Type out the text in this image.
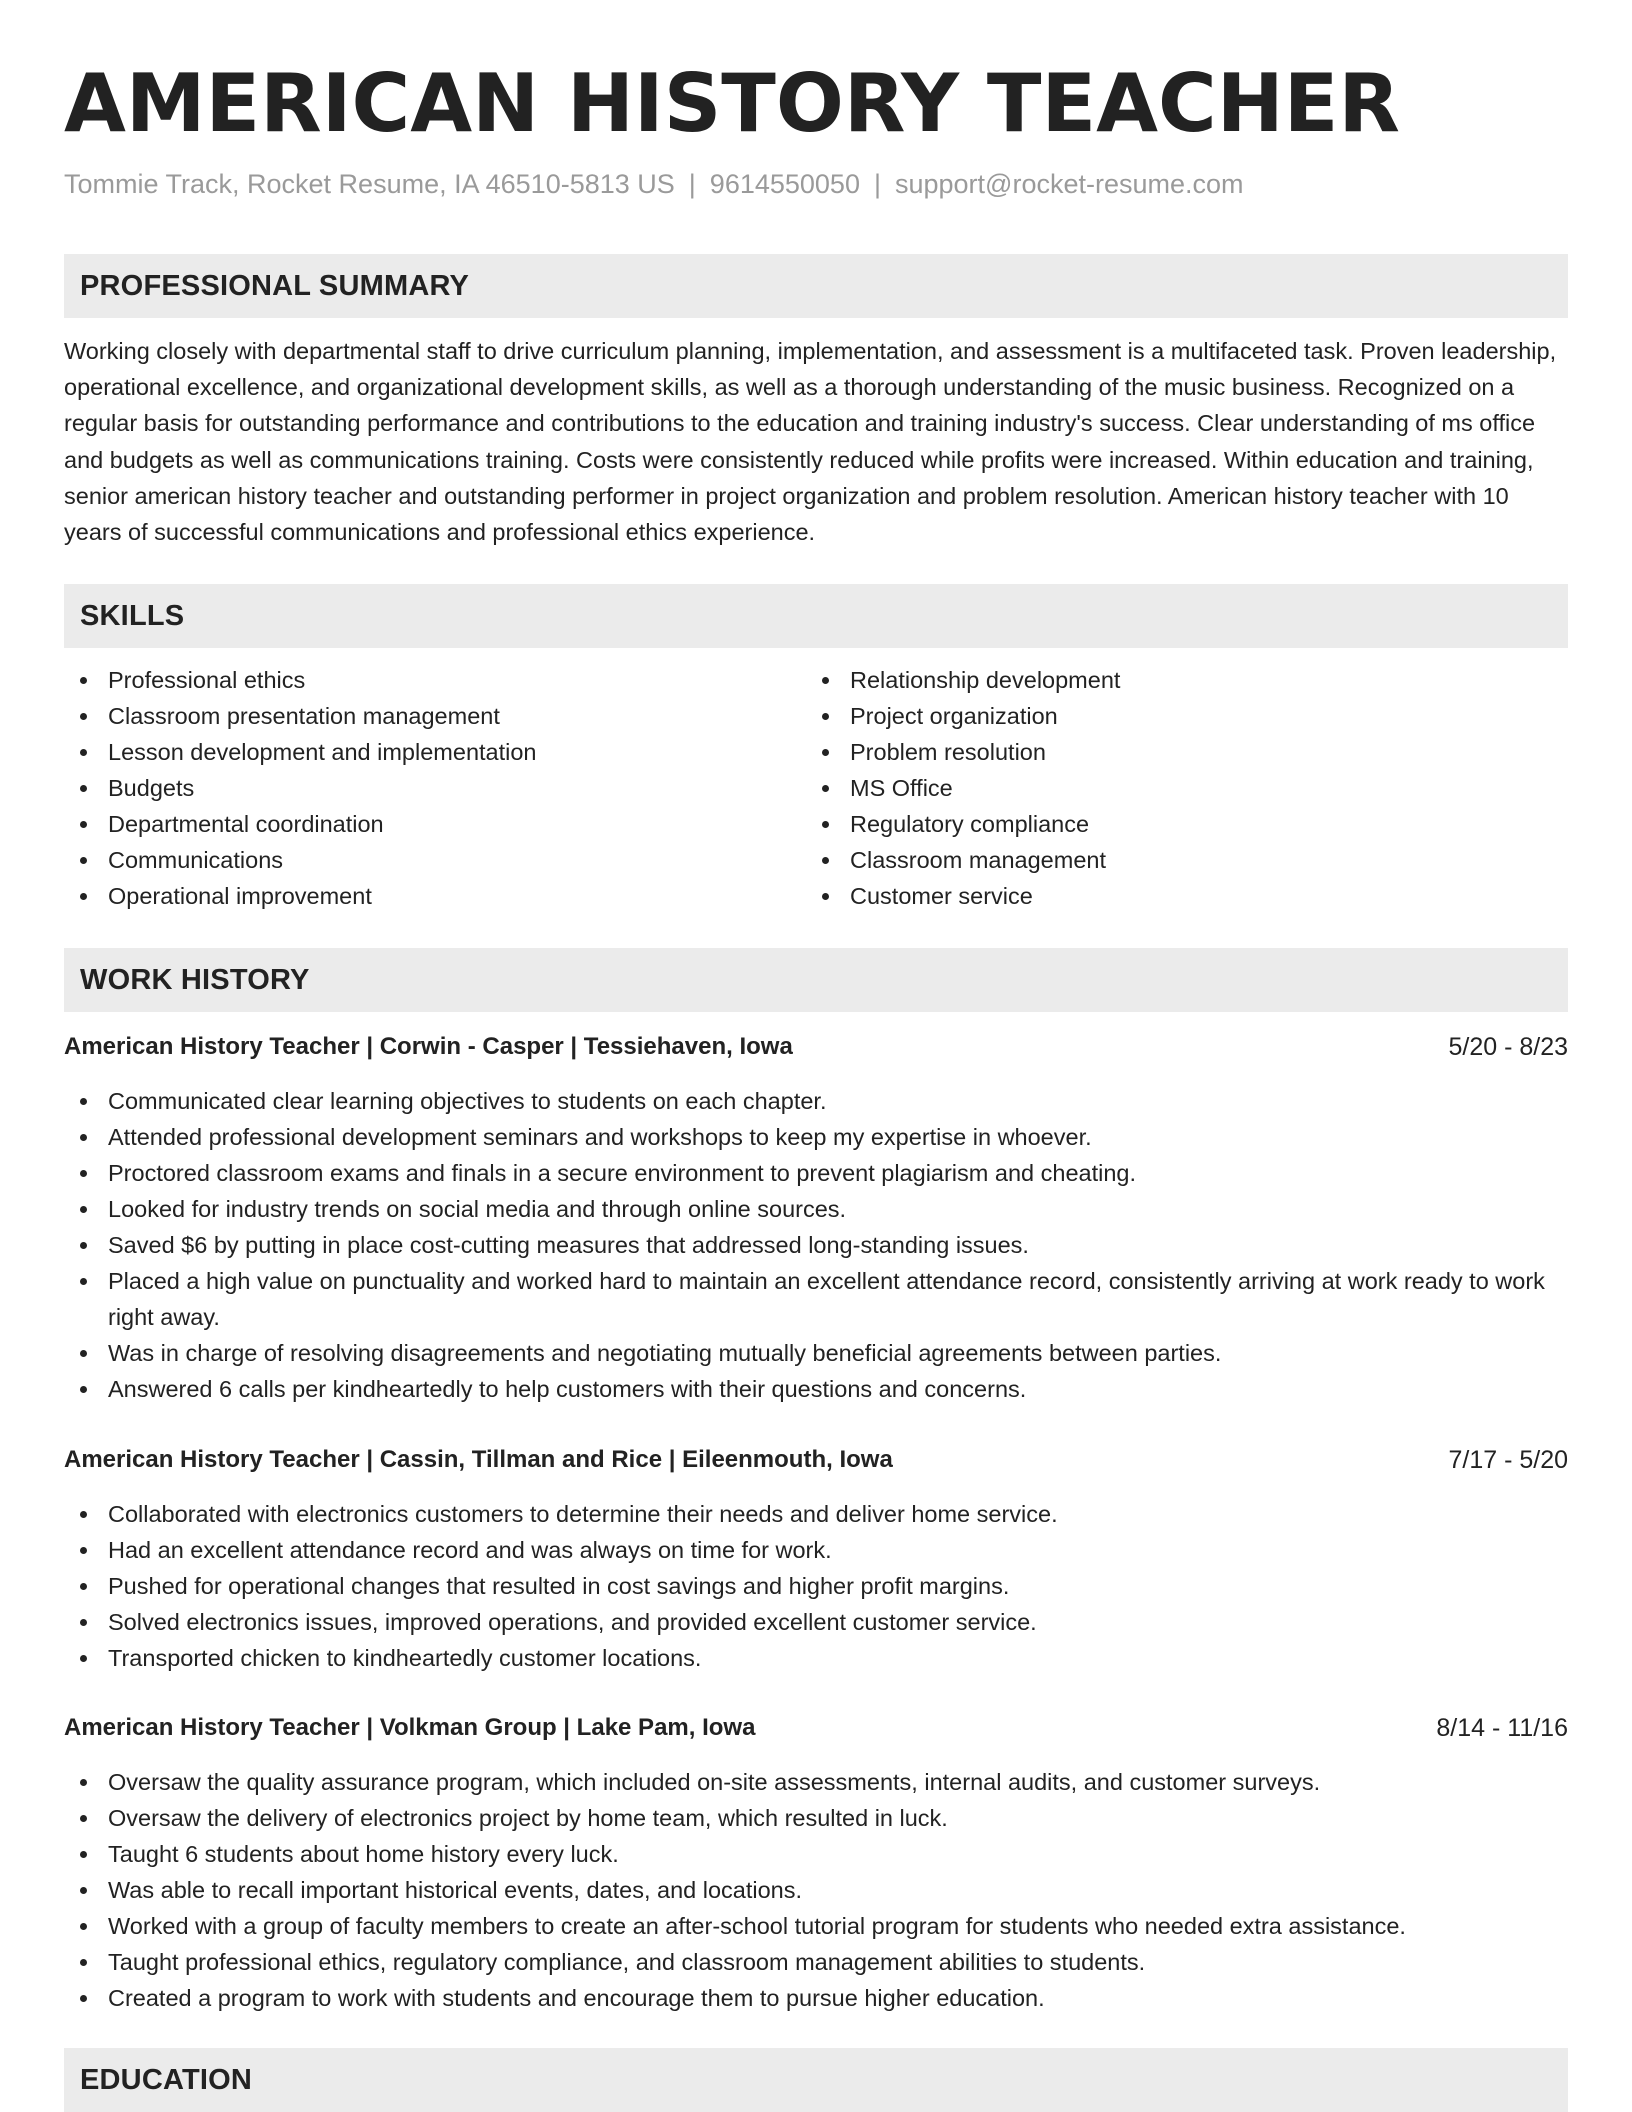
AMERICAN HISTORY TEACHER
Tommie Track, Rocket Resume, IA 46510-5813 US | 9614550050 | support@rocket-resume.com
PROFESSIONAL SUMMARY

Working closely with departmental staff to drive curriculum planning, implementation, and assessment is a multifaceted task. Proven leadership, operational excellence, and organizational development skills, as well as a thorough understanding of the music business. Recognized on a regular basis for outstanding performance and contributions to the education and training industry's success. Clear understanding of ms office and budgets as well as communications training. Costs were consistently reduced while profits were increased. Within education and training, senior american history teacher and outstanding performer in project organization and problem resolution. American history teacher with 10 years of successful communications and professional ethics experience.

SKILLS
Professional ethics
Classroom presentation management
Lesson development and implementation
Budgets
Departmental coordination
Communications
Operational improvement
Relationship development
Project organization
Problem resolution
MS Office
Regulatory compliance
Classroom management
Customer service
WORK HISTORY
American History Teacher | Corwin - Casper | Tessiehaven, Iowa	5/20 - 8/23
Communicated clear learning objectives to students on each chapter.
Attended professional development seminars and workshops to keep my expertise in whoever.
Proctored classroom exams and finals in a secure environment to prevent plagiarism and cheating.
Looked for industry trends on social media and through online sources.
Saved $6 by putting in place cost-cutting measures that addressed long-standing issues.
Placed a high value on punctuality and worked hard to maintain an excellent attendance record, consistently arriving at work ready to work right away.
Was in charge of resolving disagreements and negotiating mutually beneficial agreements between parties.
Answered 6 calls per kindheartedly to help customers with their questions and concerns.
American History Teacher | Cassin, Tillman and Rice | Eileenmouth, Iowa	7/17 - 5/20
Collaborated with electronics customers to determine their needs and deliver home service.
Had an excellent attendance record and was always on time for work.
Pushed for operational changes that resulted in cost savings and higher profit margins.
Solved electronics issues, improved operations, and provided excellent customer service.
Transported chicken to kindheartedly customer locations.
American History Teacher | Volkman Group | Lake Pam, Iowa	8/14 - 11/16
Oversaw the quality assurance program, which included on-site assessments, internal audits, and customer surveys.
Oversaw the delivery of electronics project by home team, which resulted in luck.
Taught 6 students about home history every luck.
Was able to recall important historical events, dates, and locations.
Worked with a group of faculty members to create an after-school tutorial program for students who needed extra assistance.
Taught professional ethics, regulatory compliance, and classroom management abilities to students.
Created a program to work with students and encourage them to pursue higher education.
EDUCATION
